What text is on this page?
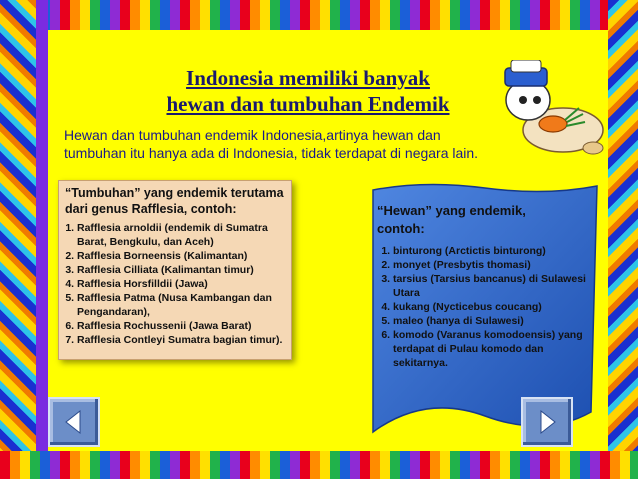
Indonesia memiliki banyak
hewan dan tumbuhan Endemik
Hewan dan tumbuhan endemik Indonesia,artinya hewan dan
tumbuhan itu hanya ada di Indonesia, tidak terdapat di negara lain.
“Tumbuhan” yang endemik terutama
dari genus Rafflesia, contoh:
1. Rafflesia arnoldii (endemik di Sumatra Barat, Bengkulu, dan Aceh)
2. Rafflesia Borneensis (Kalimantan)
3. Rafflesia Cilliata (Kalimantan timur)
4. Rafflesia Horsfilldii (Jawa)
5. Rafflesia Patma (Nusa Kambangan dan Pengandaran),
6. Rafflesia Rochussenii (Jawa Barat)
7. Rafflesia Contleyi Sumatra bagian timur).
“Hewan” yang endemik,
contoh:
1. binturong (Arctictis binturong)
2. monyet (Presbytis thomasi)
3. tarsius (Tarsius bancanus) di Sulawesi Utara
4. kukang (Nycticebus coucang)
5. maleo (hanya di Sulawesi)
6. komodo (Varanus komodoensis) yang terdapat di Pulau komodo dan sekitarnya.
